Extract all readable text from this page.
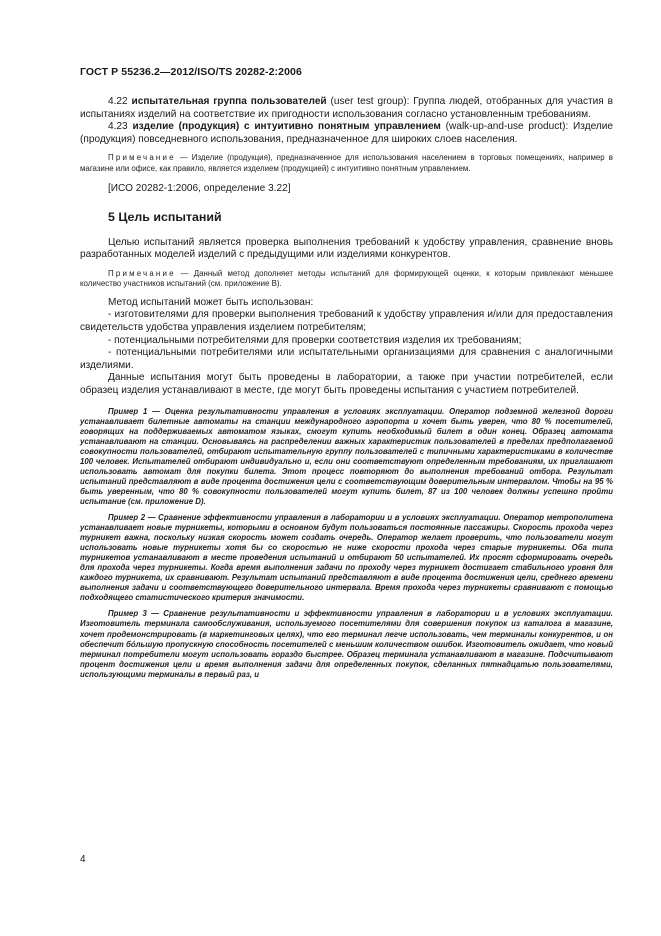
ГОСТ Р 55236.2—2012/ISO/TS 20282-2:2006

4.22 испытательная группа пользователей (user test group): Группа людей, отобранных для участия в испытаниях изделий на соответствие их пригодности использования согласно установленным требованиям.

4.23 изделие (продукция) с интуитивно понятным управлением (walk-up-and-use product): Изделие (продукция) повседневного использования, предназначенное для широких слоев населения.

Примечание — Изделие (продукция), предназначенное для использования населением в торговых помещениях, например в магазине или офисе, как правило, является изделием (продукцией) с интуитивно понятным управлением.

[ИСО 20282-1:2006, определение 3.22]

5 Цель испытаний

Целью испытаний является проверка выполнения требований к удобству управления, сравнение вновь разработанных моделей изделий с предыдущими или изделиями конкурентов.

Примечание — Данный метод дополняет методы испытаний для формирующей оценки, к которым привлекают меньшее количество участников испытаний (см. приложение В).

Метод испытаний может быть использован:

- изготовителями для проверки выполнения требований к удобству управления и/или для предоставления свидетельств удобства управления изделием потребителям;

- потенциальными потребителями для проверки соответствия изделия их требованиям;

- потенциальными потребителями или испытательными организациями для сравнения с аналогичными изделиями.

Данные испытания могут быть проведены в лаборатории, а также при участии потребителей, если образец изделия устанавливают в месте, где могут быть проведены испытания с участием потребителей.

Пример 1 — Оценка результативности управления в условиях эксплуатации. Оператор подземной железной дороги устанавливает билетные автоматы на станции международного аэропорта и хочет быть уверен, что 80 % посетителей, говорящих на поддерживаемых автоматом языках, смогут купить необходимый билет в один конец. Образец автомата устанавливают на станции. Основываясь на распределении важных характеристик пользователей в пределах предполагаемой совокупности пользователей, отбирают испытательную группу пользователей с типичными характеристиками в количестве 100 человек. Испытателей отбирают индивидуально и, если они соответствуют определенным требованиям, их приглашают использовать автомат для покупки билета. Этот процесс повторяют до выполнения требований отбора. Результат испытаний представляют в виде процента достижения цели с соответствующим доверительным интервалом. Чтобы на 95 % быть уверенным, что 80 % совокупности пользователей могут купить билет, 87 из 100 человек должны успешно пройти испытание (см. приложение D).

Пример 2 — Сравнение эффективности управления в лаборатории и в условиях эксплуатации. Оператор метрополитена устанавливает новые турникеты, которыми в основном будут пользоваться постоянные пассажиры. Скорость прохода через турникет важна, поскольку низкая скорость может создать очередь. Оператор желает проверить, что пользователи могут использовать новые турникеты хотя бы со скоростью не ниже скорости прохода через старые турникеты. Оба типа турникетов устанавливают в месте проведения испытаний и отбирают 50 испытателей. Их просят сформировать очередь для прохода через турникеты. Когда время выполнения задачи по проходу через турникет достигает стабильного уровня для каждого турникета, их сравнивают. Результат испытаний представляют в виде процента достижения цели, среднего времени выполнения задачи и соответствующего доверительного интервала. Время прохода через турникеты сравнивают с помощью подходящего статистического критерия значимости.

Пример 3 — Сравнение результативности и эффективности управления в лаборатории и в условиях эксплуатации. Изготовитель терминала самообслуживания, используемого посетителями для совершения покупок из каталога в магазине, хочет продемонстрировать (в маркетинговых целях), что его терминал легче использовать, чем терминалы конкурентов, и он обеспечит бо́льшую пропускную способность посетителей с меньшим количеством ошибок. Изготовитель ожидает, что новый терминал потребители могут использовать гораздо быстрее. Образец терминала устанавливают в магазине. Подсчитывают процент достижения цели и время выполнения задачи для определенных покупок, сделанных пятнадцатью пользователями, использующими терминалы в первый раз, и

4
